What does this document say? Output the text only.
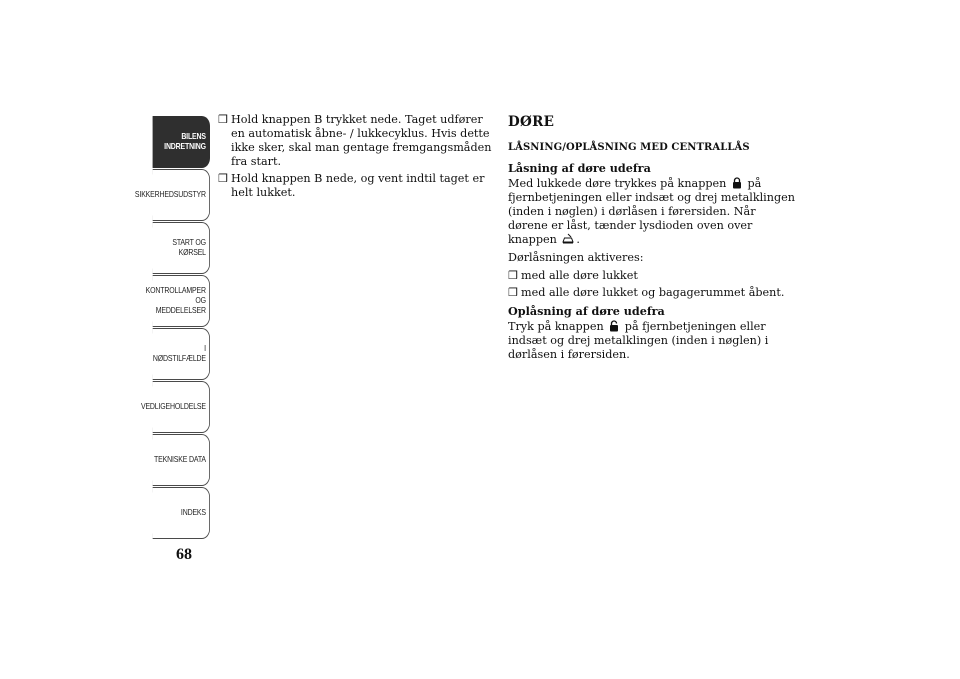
BILENS
INDRETNING
SIKKERHEDSUDSTYR
START OG KØRSEL
KONTROLLAMPER
OG MEDDELELSER
I NØDSTILFÆLDE
VEDLIGEHOLDELSE
TEKNISKE DATA
INDEKS
68
❒ Hold knappen B trykket nede. Taget udfører en automatisk åbne- / lukkecyklus. Hvis dette ikke sker, skal man gentage fremgangsmåden fra start.
❒ Hold knappen B nede, og vent indtil taget er helt lukket.
DØRE
LÅSNING/OPLÅSNING MED CENTRALLÅS
Låsning af døre udefra

Med lukkede døre trykkes på knappen på fjernbetjeningen eller indsæt og drej metalklingen (inden i nøglen) i dørlåsen i førersiden. Når dørene er låst, tænder lysdioden oven over knappen .

Dørlåsningen aktiveres:

❒ med alle døre lukket
❒ med alle døre lukket og bagagerummet åbent.
Oplåsning af døre udefra

Tryk på knappen på fjernbetjeningen eller indsæt og drej metalklingen (inden i nøglen) i dørlåsen i førersiden.
